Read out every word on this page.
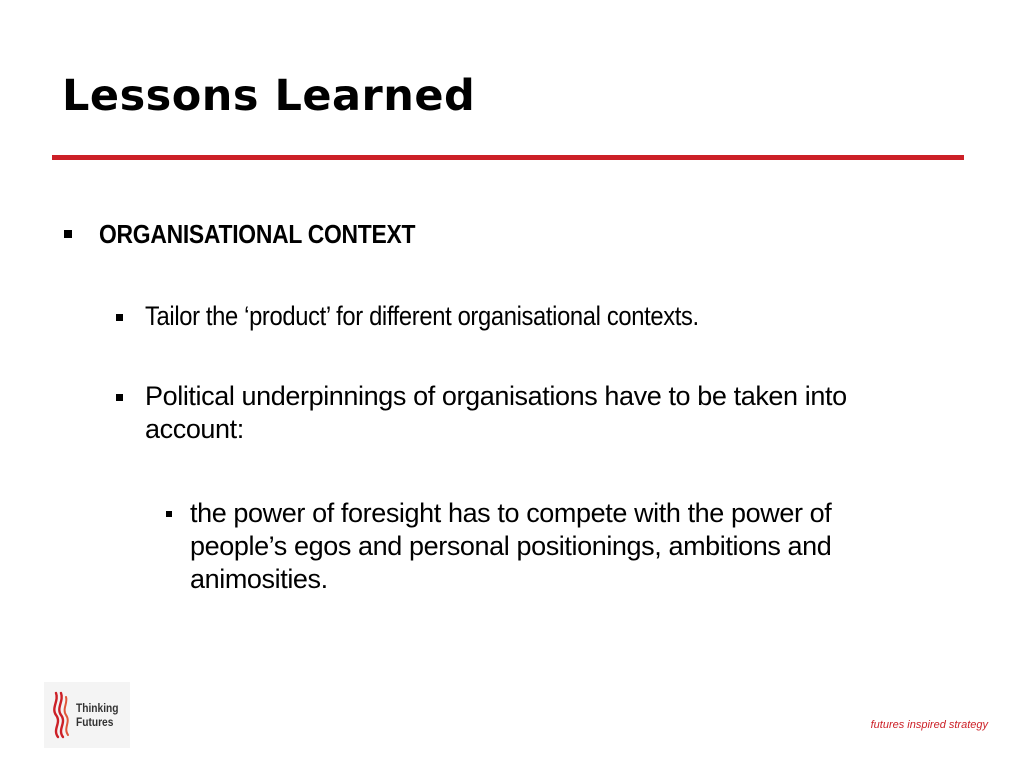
Lessons Learned
ORGANISATIONAL CONTEXT
Tailor the ‘product’ for different organisational contexts.
Political underpinnings of organisations have to be taken into account:
the power of foresight has to compete with the power of people’s egos and personal positionings, ambitions and animosities.
Thinking
Futures	futures inspired strategy
